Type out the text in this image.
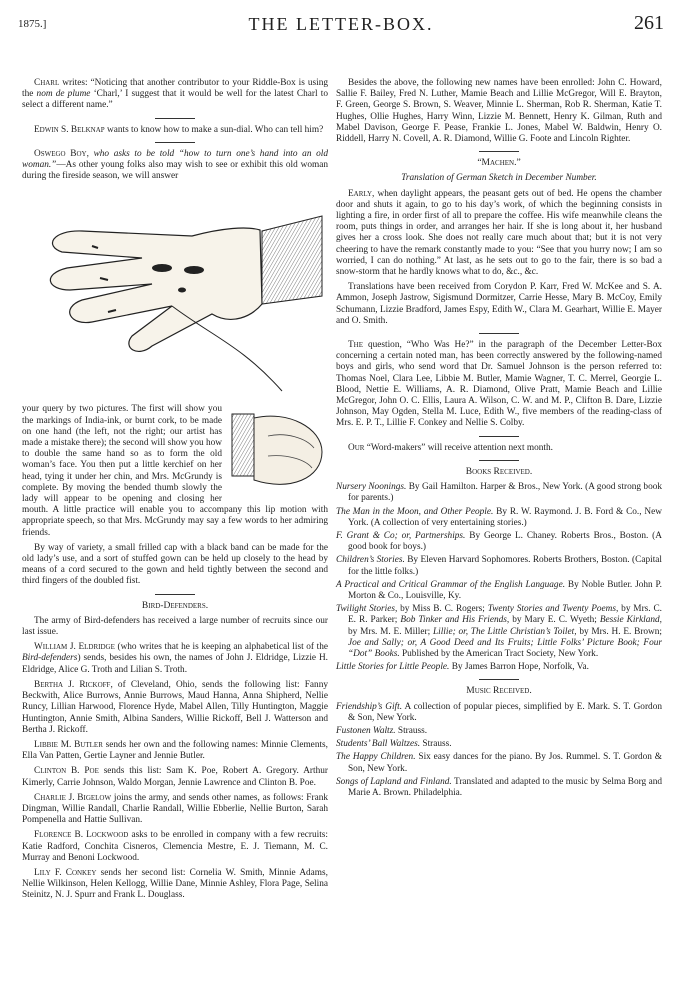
1875.]	THE LETTER-BOX.	261

Charl writes: “Noticing that another contributor to your Riddle-Box is using the nom de plume ‘Charl,’ I suggest that it would be well for the latest Charl to select a different name.”

Edwin S. Belknap wants to know how to make a sun-dial. Who can tell him?

Oswego Boy, who asks to be told “how to turn one’s hand into an old woman.”—As other young folks also may wish to see or exhibit this old woman during the fireside season, we will answer

your query by two pictures. The first will show you the markings of India-ink, or burnt cork, to be made on one hand (the left, not the right; our artist has made a mistake there); the second will show you how to double the same hand so as to form the old woman’s face. You then put a little kerchief on her head, tying it under her chin, and Mrs. McGrundy is complete. By moving the bended thumb slowly the lady will appear to be opening and closing her mouth. A little practice will enable you to accompany this lip motion with appropriate speech, so that Mrs. McGrundy may say a few words to her admiring friends.

By way of variety, a small frilled cap with a black band can be made for the old lady’s use, and a sort of stuffed gown can be held up closely to the head by means of a cord secured to the gown and held tightly between the second and third fingers of the doubled fist.

Bird-Defenders.

The army of Bird-defenders has received a large number of recruits since our last issue.

William J. Eldridge (who writes that he is keeping an alphabetical list of the Bird-defenders) sends, besides his own, the names of John J. Eldridge, Lizzie H. Eldridge, Alice G. Troth and Lilian S. Troth.

Bertha J. Rickoff, of Cleveland, Ohio, sends the following list: Fanny Beckwith, Alice Burrows, Annie Burrows, Maud Hanna, Anna Shipherd, Nellie Runcy, Lillian Harwood, Florence Hyde, Mabel Allen, Tilly Huntington, Maggie Huntington, Annie Smith, Albina Sanders, Willie Rickoff, Bell J. Watterson and Bertha J. Rickoff.

Libbie M. Butler sends her own and the following names: Minnie Clements, Ella Van Patten, Gertie Layner and Jennie Butler.

Clinton B. Poe sends this list: Sam K. Poe, Robert A. Gregory. Arthur Kimerly, Carrie Johnson, Waldo Morgan, Jennie Lawrence and Clinton B. Poe.

Charlie J. Bigelow joins the army, and sends other names, as follows: Frank Dingman, Willie Randall, Charlie Randall, Willie Ebberlie, Nellie Burton, Sarah Pompenella and Hattie Sullivan.

Florence B. Lockwood asks to be enrolled in company with a few recruits: Katie Radford, Conchita Cisneros, Clemencia Mestre, E. J. Tiemann, M. C. Murray and Benoni Lockwood.

Lily F. Conkey sends her second list: Cornelia W. Smith, Minnie Adams, Nellie Wilkinson, Helen Kellogg, Willie Dane, Minnie Ashley, Flora Page, Selina Steinitz, N. J. Spurr and Frank L. Douglass.

Besides the above, the following new names have been enrolled: John C. Howard, Sallie F. Bailey, Fred N. Luther, Mamie Beach and Lillie McGregor, Will E. Brayton, F. Green, George S. Brown, S. Weaver, Minnie L. Sherman, Rob R. Sherman, Katie T. Hughes, Ollie Hughes, Harry Winn, Lizzie M. Bennett, Henry K. Gilman, Ruth and Mabel Davison, George F. Pease, Frankie L. Jones, Mabel W. Baldwin, Henry O. Riddell, Harry N. Covell, A. R. Diamond, Willie G. Foote and Lincoln Righter.

“Machen.”
Translation of German Sketch in December Number.

Early, when daylight appears, the peasant gets out of bed. He opens the chamber door and shuts it again, to go to his day’s work, of which the beginning consists in lighting a fire, in order first of all to prepare the coffee. His wife meanwhile cleans the room, puts things in order, and arranges her hair. If she is long about it, her husband gives her a cross look. She does not really care much about that; but it is not very cheering to have the remark constantly made to you: “See that you hurry now; I am so worried, I can do nothing.” At last, as he sets out to go to the fair, there is so bad a snow-storm that he hardly knows what to do, &c., &c.

Translations have been received from Corydon P. Karr, Fred W. McKee and S. A. Ammon, Joseph Jastrow, Sigismund Dormitzer, Carrie Hesse, Mary B. McCoy, Emily Schumann, Lizzie Bradford, James Espy, Edith W., Clara M. Gearhart, Willie E. Mayer and O. Smith.

The question, “Who Was He?” in the paragraph of the December Letter-Box concerning a certain noted man, has been correctly answered by the following-named boys and girls, who send word that Dr. Samuel Johnson is the person referred to: Thomas Noel, Clara Lee, Libbie M. Butler, Mamie Wagner, T. C. Merrel, Georgie L. Blood, Nettie E. Williams, A. R. Diamond, Olive Pratt, Mamie Beach and Lillie McGregor, John O. C. Ellis, Laura A. Wilson, C. W. and M. P., Clifton B. Dare, Lizzie Johnson, May Ogden, Stella M. Luce, Edith W., five members of the reading-class of Mrs. E. P. T., Lillie F. Conkey and Nellie S. Colby.

Our “Word-makers” will receive attention next month.

Books Received.

Nursery Noonings. By Gail Hamilton. Harper & Bros., New York. (A good strong book for parents.)

The Man in the Moon, and Other People. By R. W. Raymond. J. B. Ford & Co., New York. (A collection of very entertaining stories.)

F. Grant & Co; or, Partnerships. By George L. Chaney. Roberts Bros., Boston. (A good book for boys.)

Children’s Stories. By Eleven Harvard Sophomores. Roberts Brothers, Boston. (Capital for the little folks.)

A Practical and Critical Grammar of the English Language. By Noble Butler. John P. Morton & Co., Louisville, Ky.

Twilight Stories, by Miss B. C. Rogers; Twenty Stories and Twenty Poems, by Mrs. C. E. R. Parker; Bob Tinker and His Friends, by Mary E. C. Wyeth; Bessie Kirkland, by Mrs. M. E. Miller; Lillie; or, The Little Christian’s Toilet, by Mrs. H. E. Brown; Joe and Sally; or, A Good Deed and Its Fruits; Little Folks’ Picture Book; Four “Dot” Books. Published by the American Tract Society, New York.

Little Stories for Little People. By James Barron Hope, Norfolk, Va.

Music Received.

Friendship’s Gift. A collection of popular pieces, simplified by E. Mark. S. T. Gordon & Son, New York.

Fustonen Waltz. Strauss.

Students’ Ball Waltzes. Strauss.

The Happy Children. Six easy dances for the piano. By Jos. Rummel. S. T. Gordon & Son, New York.

Songs of Lapland and Finland. Translated and adapted to the music by Selma Borg and Marie A. Brown. Philadelphia.
